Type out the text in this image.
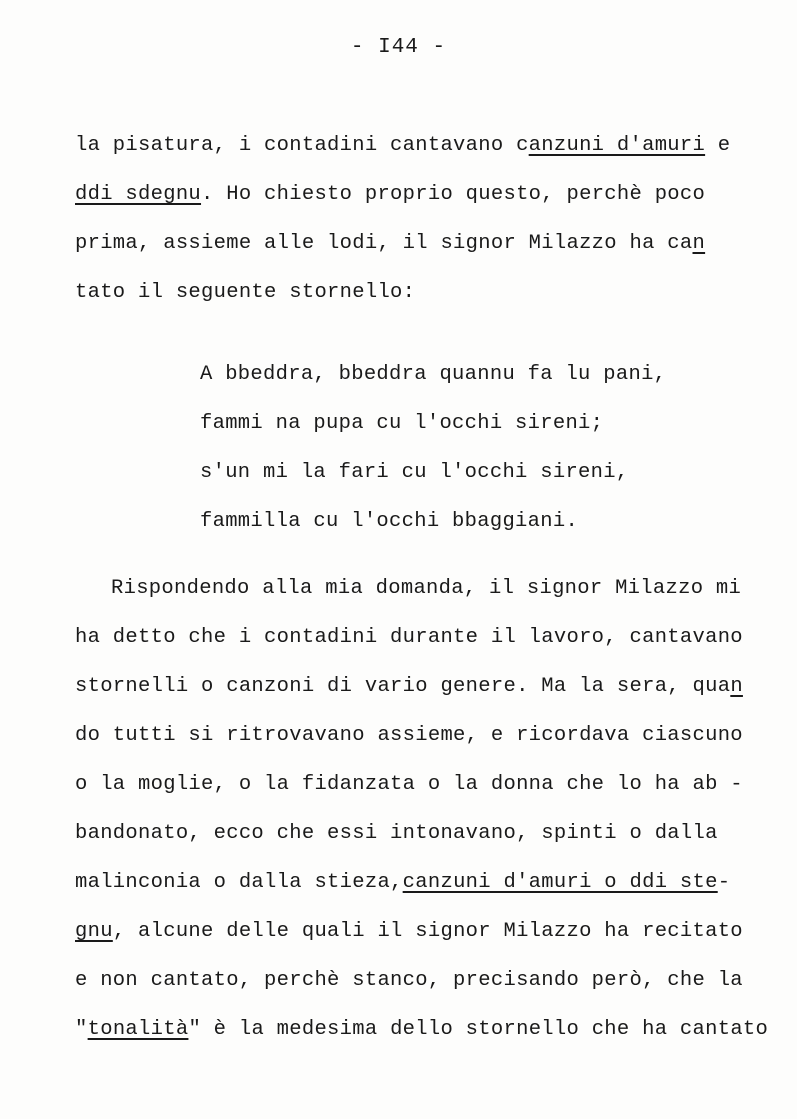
- I44 -
la pisatura, i contadini cantavano canzuni d'amuri e
ddi sdegnu. Ho chiesto proprio questo, perchè poco
prima, assieme alle lodi, il signor Milazzo ha can
tato il seguente stornello:
A bbeddra, bbeddra quannu fa lu pani,
fammi na pupa cu l'occhi sireni;
s'un mi la fari cu l'occhi sireni,
fammilla cu l'occhi bbaggiani.
Rispondendo alla mia domanda, il signor Milazzo mi
ha detto che i contadini durante il lavoro, cantavano
stornelli o canzoni di vario genere. Ma la sera, quan
do tutti si ritrovavano assieme, e ricordava ciascuno
o la moglie, o la fidanzata o la donna che lo ha ab -
bandonato, ecco che essi intonavano, spinti o dalla
malinconia o dalla stiеza,canzuni d'amuri o ddi ste-
gnu, alcune delle quali il signor Milazzo ha recitato
e non cantato, perchè stanco, precisando però, che la
"tonalità" è la medesima dello stornello che ha cantato
